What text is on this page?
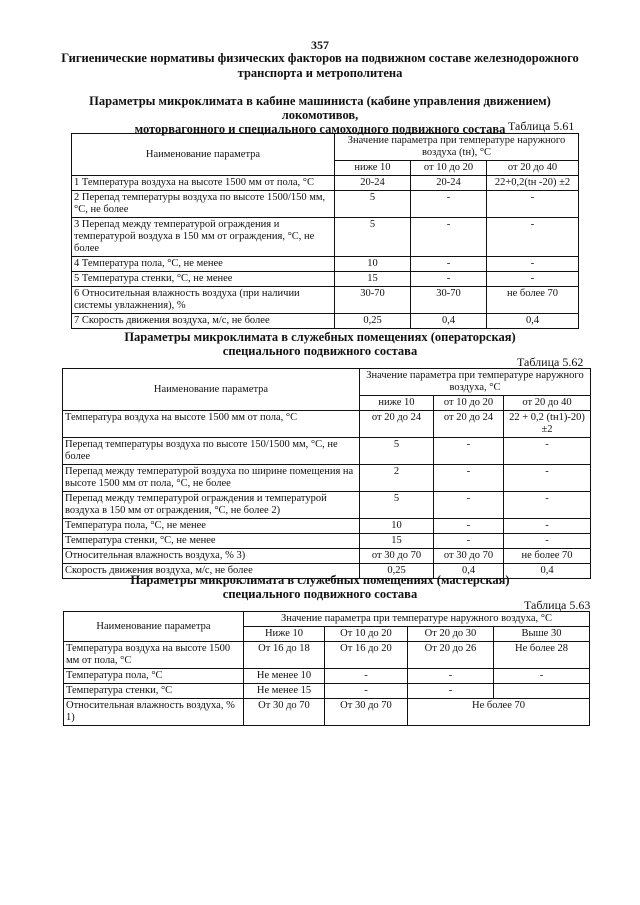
357
Гигиенические нормативы физических факторов на подвижном составе железнодорожного
транспорта и метрополитена
Параметры микроклимата в кабине машиниста (кабине управления движением) локомотивов,
моторвагонного и специального самоходного подвижного состава Таблица 5.61
Наименование параметра	Значение параметра при температуре наружного воздуха (tн), °С		
	ниже 10	от 10 до 20	от 20 до 40
1 Температура воздуха на высоте 1500 мм от пола, °С	20-24	20-24	22+0,2(tн -20) ±2
2 Перепад температуры воздуха по высоте 1500/150 мм, °С, не более	5	-	-
3 Перепад между температурой ограждения и температурой воздуха в 150 мм от ограждения, °С, не более	5	-	-
4 Температура пола, °С, не менее	10	-	-
5 Температура стенки, °С, не менее	15	-	-
6 Относительная влажность воздуха (при наличии системы увлажнения), %	30-70	30-70	не более 70
7 Скорость движения воздуха, м/с, не более	0,25	0,4	0,4
Параметры микроклимата в служебных помещениях (операторская)
специального подвижного состава
Таблица 5.62
Наименование параметра	Значение параметра при температуре наружного воздуха, °С		
	ниже 10	от 10 до 20	от 20 до 40
Температура воздуха на высоте 1500 мм от пола, °С	от 20 до 24	от 20 до 24	22 + 0,2 (tн1)-20)±2
Перепад температуры воздуха по высоте 150/1500 мм, °С, не более	5	-	-
Перепад между температурой воздуха по ширине помещения на высоте 1500 мм от пола, °С, не более	2	-	-
Перепад между температурой ограждения и температурой воздуха в 150 мм от ограждения, °С, не более 2)	5	-	-
Температура пола, °С, не менее	10	-	-
Температура стенки, °С, не менее	15	-	-
Относительная влажность воздуха, % 3)	от 30 до 70	от 30 до 70	не более 70
Скорость движения воздуха, м/с, не более	0,25	0,4	0,4
Параметры микроклимата в служебных помещениях (мастерская)
специального подвижного состава
Таблица 5.63
Наименование параметра	Значение параметра при температуре наружного воздуха, °С			
	Ниже 10	От 10 до 20	От 20 до 30	Выше 30
Температура воздуха на высоте 1500 мм от пола, °С	От 16 до 18	От 16 до 20	От 20 до 26	Не более 28
Температура пола, °С	Не менее 10	-	-	-
Температура стенки, °С	Не менее 15	-	-	
Относительная влажность воздуха, % 1)	От 30 до 70	От 30 до 70	Не более 70	
